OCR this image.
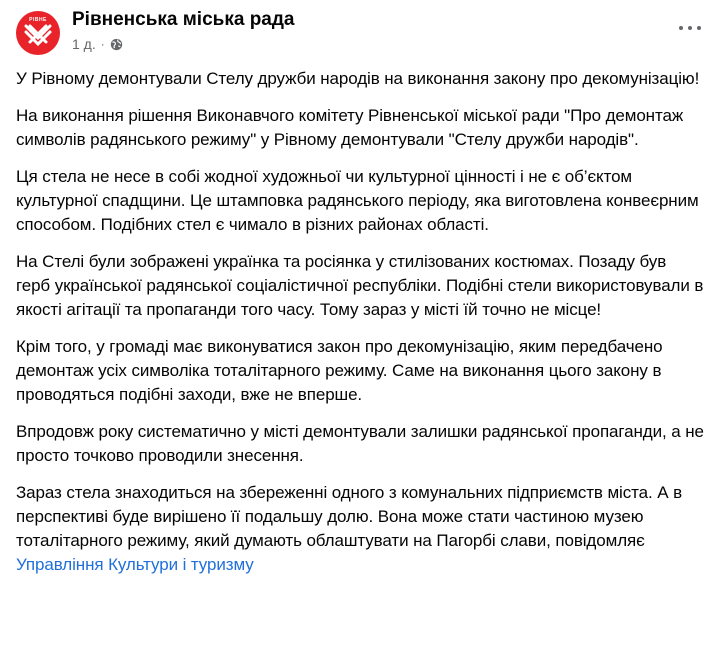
РІВНЕ	Рівненська міська рада
1 д. ·

У Рівному демонтували Стелу дружби народів на виконання закону про декомунізацію!

На виконання рішення Виконавчого комітету Рівненської міської ради "Про демонтаж символів радянського режиму" у Рівному демонтували "Стелу дружби народів".

Ця стела не несе в собі жодної художньої чи культурної цінності і не є об’єктом культурної спадщини. Це штамповка радянського періоду, яка виготовлена конвеєрним способом. Подібних стел є чимало в різних районах області.

На Стелі були зображені українка та росіянка у стилізованих костюмах. Позаду був герб української радянської соціалістичної республіки. Подібні стели використовували в якості агітації та пропаганди того часу. Тому зараз у місті їй точно не місце!

Крім того, у громаді має виконуватися закон про декомунізацію, яким передбачено демонтаж усіх символіка тоталітарного режиму. Саме на виконання цього закону в проводяться подібні заходи, вже не вперше.

Впродовж року систематично у місті демонтували залишки радянської пропаганди, а не просто точково проводили знесення.

Зараз стела знаходиться на збереженні одного з комунальних підприємств міста. А в перспективі буде вирішено її подальшу долю. Вона може стати частиною музею тоталітарного режиму, який думають облаштувати на Пагорбі слави, повідомляє Управління Культури і туризму
